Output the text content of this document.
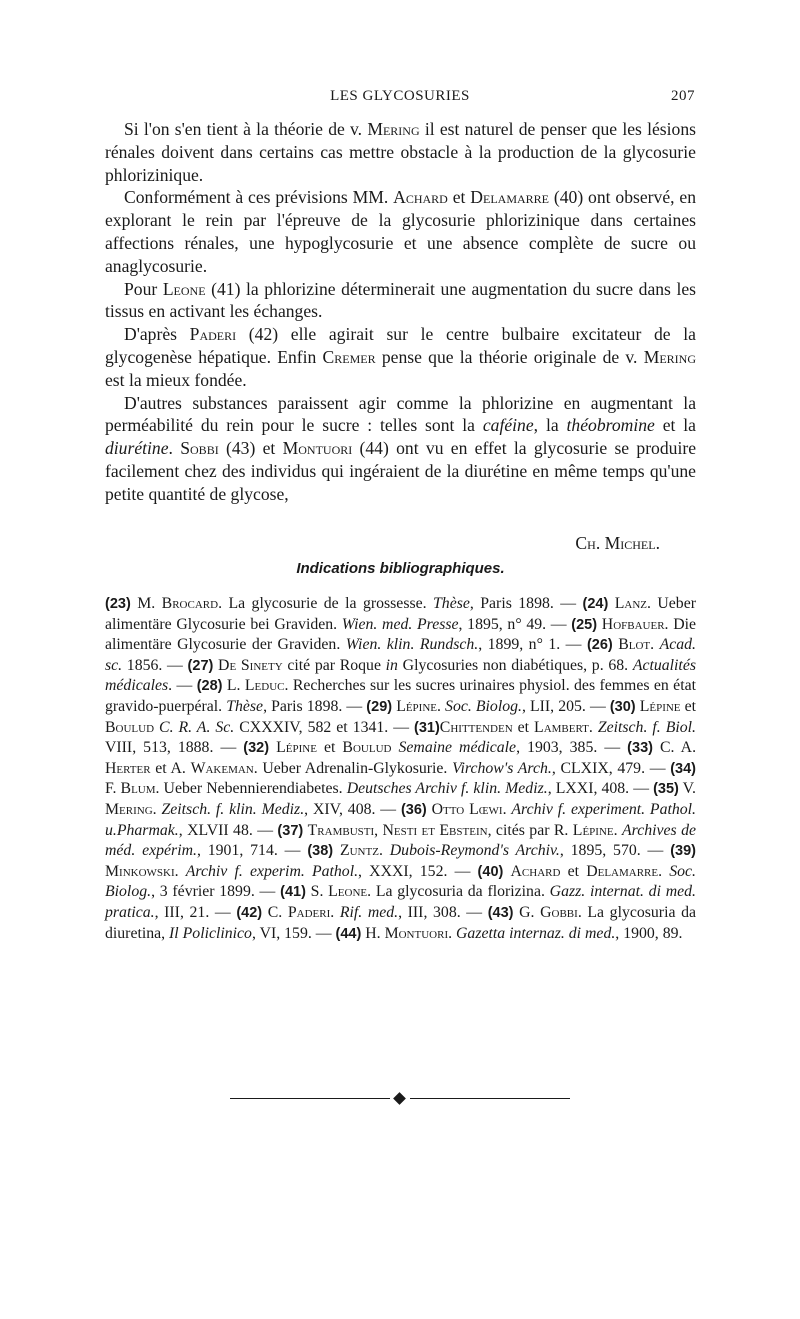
LES GLYCOSURIES	207

Si l'on s'en tient à la théorie de v. Mering il est naturel de penser que les lésions rénales doivent dans certains cas mettre obstacle à la production de la glycosurie phlorizinique.

Conformément à ces prévisions MM. Achard et Delamarre (40) ont observé, en explorant le rein par l'épreuve de la glycosurie phlorizinique dans certaines affections rénales, une hypoglycosurie et une absence complète de sucre ou anaglycosurie.

Pour Leone (41) la phlorizine déterminerait une augmentation du sucre dans les tissus en activant les échanges.

D'après Paderi (42) elle agirait sur le centre bulbaire excitateur de la glycogenèse hépatique. Enfin Cremer pense que la théorie originale de v. Mering est la mieux fondée.

D'autres substances paraissent agir comme la phlorizine en augmentant la perméabilité du rein pour le sucre : telles sont la caféine, la théobromine et la diurétine. Sobbi (43) et Montuori (44) ont vu en effet la glycosurie se produire facilement chez des individus qui ingéraient de la diurétine en même temps qu'une petite quantité de glycose,

Ch. Michel.
Indications bibliographiques.

(23) M. Brocard. La glycosurie de la grossesse. Thèse, Paris 1898. — (24) Lanz. Ueber alimentäre Glycosurie bei Graviden. Wien. med. Presse, 1895, n° 49. — (25) Hofbauer. Die alimentäre Glycosurie der Graviden. Wien. klin. Rundsch., 1899, n° 1. — (26) Blot. Acad. sc. 1856. — (27) De Sinety cité par Roque in Glycosuries non diabétiques, p. 68. Actualités médicales. — (28) L. Leduc. Recherches sur les sucres urinaires physiol. des femmes en état gravido-puerpéral. Thèse, Paris 1898. — (29) Lépine. Soc. Biolog., LII, 205. — (30) Lépine et Boulud C. R. A. Sc. CXXXIV, 582 et 1341. — (31)Chittenden et Lambert. Zeitsch. f. Biol. VIII, 513, 1888. — (32) Lépine et Boulud Semaine médicale, 1903, 385. — (33) C. A. Herter et A. Wakeman. Ueber Adrenalin-Glykosurie. Virchow's Arch., CLXIX, 479. — (34) F. Blum. Ueber Nebennierendiabetes. Deutsches Archiv f. klin. Mediz., LXXI, 408. — (35) V. Mering. Zeitsch. f. klin. Mediz., XIV, 408. — (36) Otto Lœwi. Archiv f. experiment. Pathol. u.Pharmak., XLVII 48. — (37) Trambusti, Nesti et Ebstein, cités par R. Lépine. Archives de méd. expérim., 1901, 714. — (38) Zuntz. Dubois-Reymond's Archiv., 1895, 570. — (39) Minkowski. Archiv f. experim. Pathol., XXXI, 152. — (40) Achard et Delamarre. Soc. Biolog., 3 février 1899. — (41) S. Leone. La glycosuria da florizina. Gazz. internat. di med. pratica., III, 21. — (42) C. Paderi. Rif. med., III, 308. — (43) G. Gobbi. La glycosuria da diuretina, Il Policlinico, VI, 159. — (44) H. Montuori. Gazetta internaz. di med., 1900, 89.
